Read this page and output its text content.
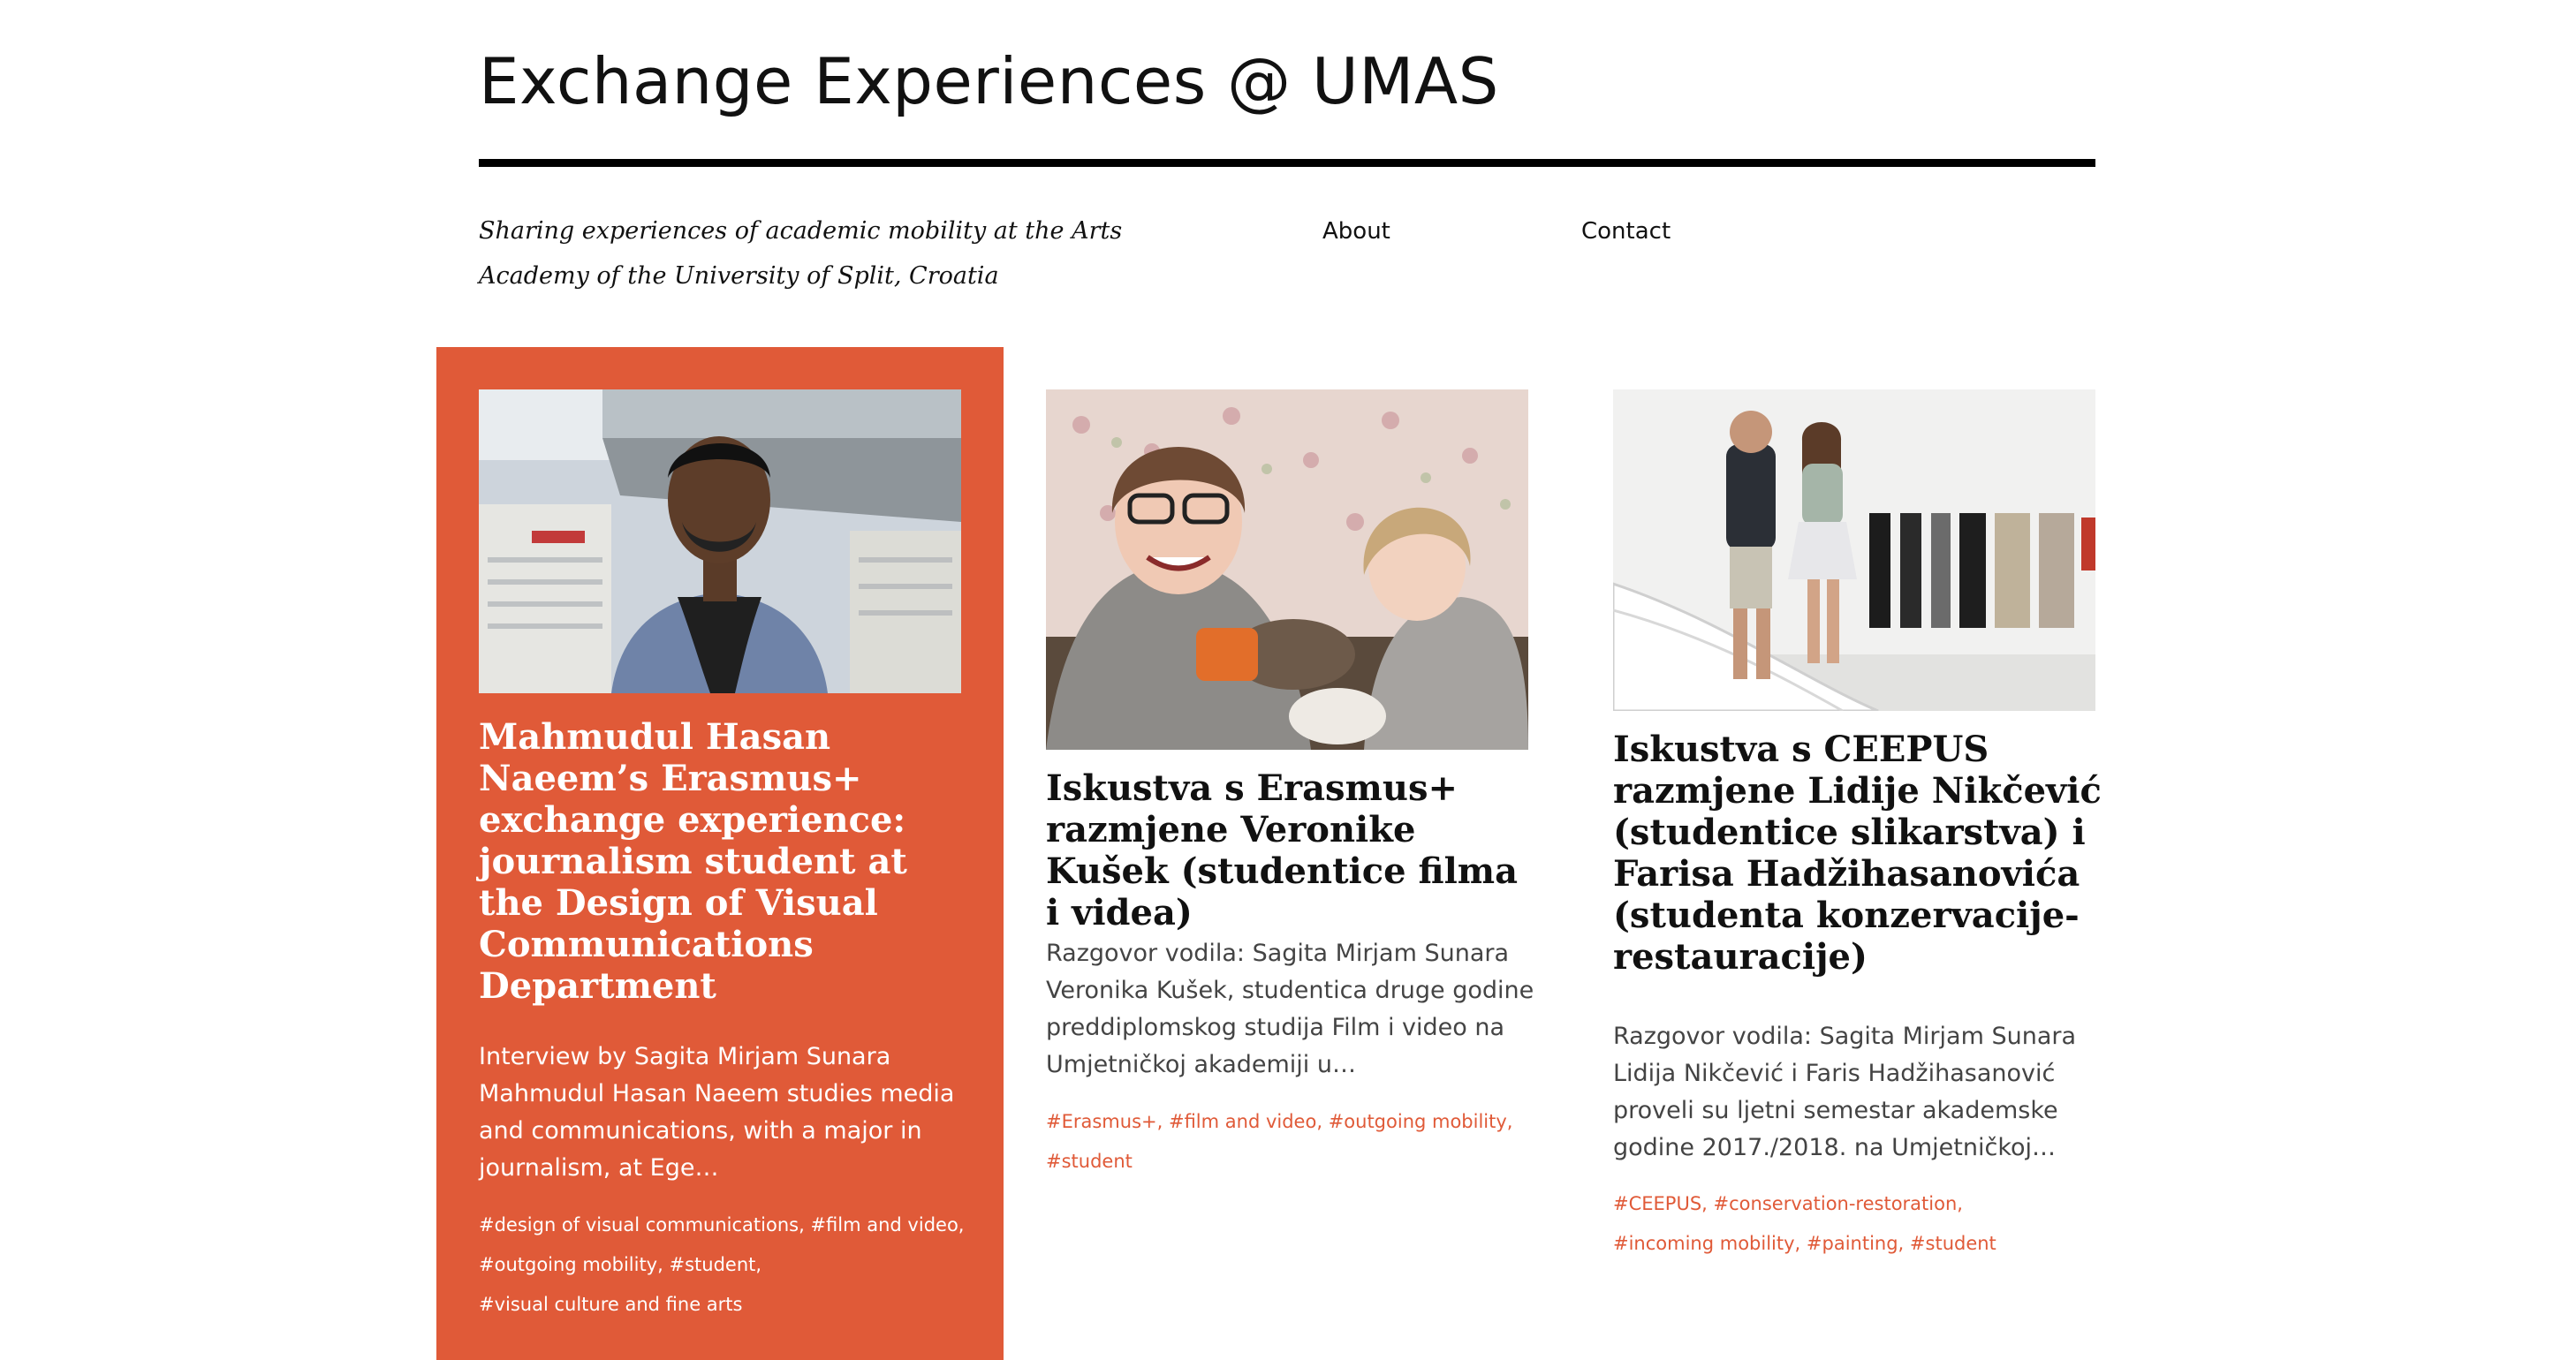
Exchange Experiences @ UMAS
Sharing experiences of academic mobility at the Arts Academy of the University of Split, Croatia
About	Contact
Mahmudul Hasan Naeem’s Erasmus+ exchange experience: journalism student at the Design of Visual Communications Department

Interview by Sagita Mirjam Sunara Mahmudul Hasan Naeem studies media and communications, with a major in journalism, at Ege…

#design of visual communications, #film and video,
#outgoing mobility, #student,
#visual culture and fine arts
Iskustva s Erasmus+ razmjene Veronike Kušek (studentice filma i videa)

Razgovor vodila: Sagita Mirjam Sunara Veronika Kušek, studentica druge godine preddiplomskog studija Film i video na Umjetničkoj akademiji u…

#Erasmus+, #film and video, #outgoing mobility,
#student
Iskustva s CEEPUS razmjene Lidije Nikčević (studentice slikarstva) i Farisa Hadžihasanovića (studenta konzervacije-restauracije)

Razgovor vodila: Sagita Mirjam Sunara Lidija Nikčević i Faris Hadžihasanović proveli su ljetni semestar akademske godine 2017./2018. na Umjetničkoj…

#CEEPUS, #conservation-restoration,
#incoming mobility, #painting, #student
